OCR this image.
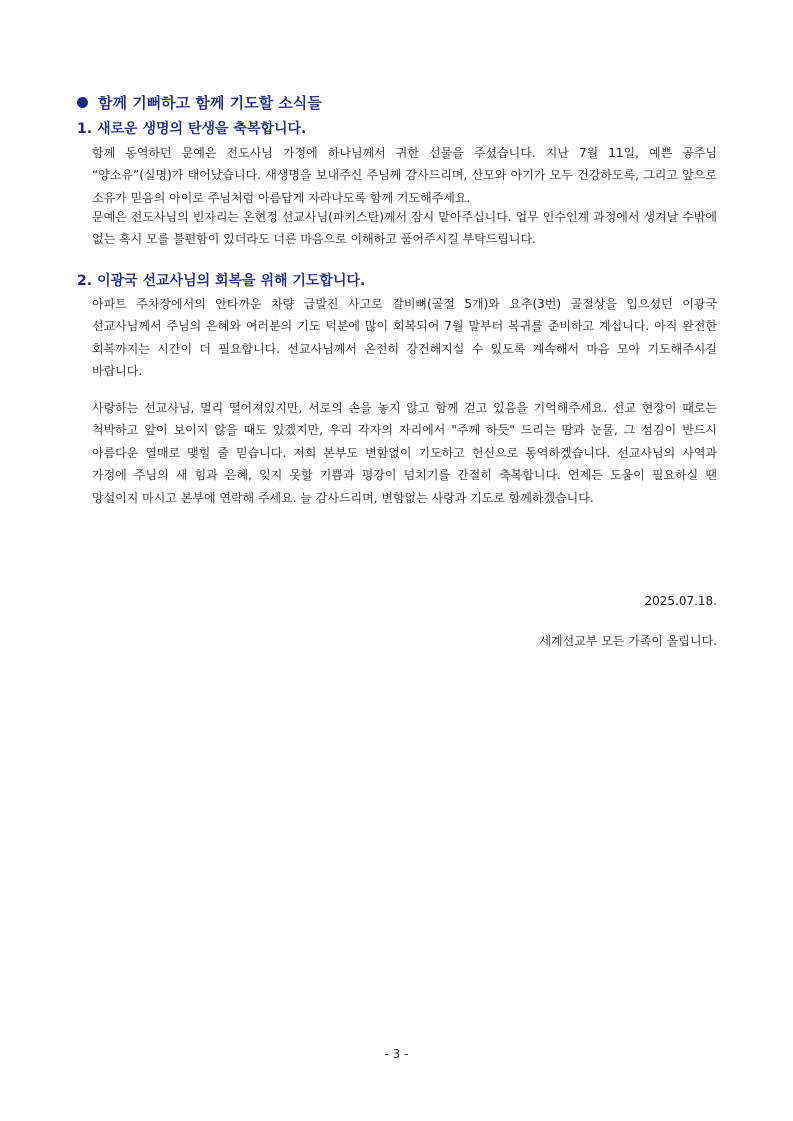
함께 기뻐하고 함께 기도할 소식들
1. 새로운 생명의 탄생을 축복합니다.

함께 동역하던 문예은 전도사님 가정에 하나님께서 귀한 선물을 주셨습니다. 지난 7월 11일, 예쁜 공주님 “양소유”(실명)가 태어났습니다. 새생명을 보내주신 주님께 감사드리며, 산모와 아기가 모두 건강하도록, 그리고 앞으로 소유가 믿음의 아이로 주님처럼 아름답게 자라나도록 함께 기도해주세요.

문예은 전도사님의 빈자리는 온현정 선교사님(파키스탄)께서 잠시 맡아주십니다. 업무 인수인계 과정에서 생겨날 수밖에 없는 혹시 모를 불편함이 있더라도 너른 마음으로 이해하고 품어주시길 부탁드립니다.

2. 이광국 선교사님의 회복을 위해 기도합니다.

아파트 주차장에서의 안타까운 차량 급발진 사고로 갈비뼈(골절 5개)와 요추(3번) 골절상을 입으셨던 이광국 선교사님께서 주님의 은혜와 여러분의 기도 덕분에 많이 회복되어 7월 말부터 복귀를 준비하고 계십니다. 아직 완전한 회복까지는 시간이 더 필요합니다. 선교사님께서 온전히 강건해지실 수 있도록 계속해서 마음 모아 기도해주시길 바랍니다.

사랑하는 선교사님, 멀리 떨어져있지만, 서로의 손을 놓지 않고 함께 걷고 있음을 기억해주세요. 선교 현장이 때로는 척박하고 앞이 보이지 않을 때도 있겠지만, 우리 각자의 자리에서 "주께 하듯" 드리는 땀과 눈물, 그 섬김이 반드시 아름다운 열매로 맺힐 줄 믿습니다. 저희 본부도 변함없이 기도하고 헌신으로 동역하겠습니다. 선교사님의 사역과 가정에 주님의 새 힘과 은혜, 잊지 못할 기쁨과 평강이 넘치기를 간절히 축복합니다. 언제든 도움이 필요하실 땐 망설이지 마시고 본부에 연락해 주세요. 늘 감사드리며, 변함없는 사랑과 기도로 함께하겠습니다.

2025.07.18.
세계선교부 모든 가족이 올립니다.
- 3 -
